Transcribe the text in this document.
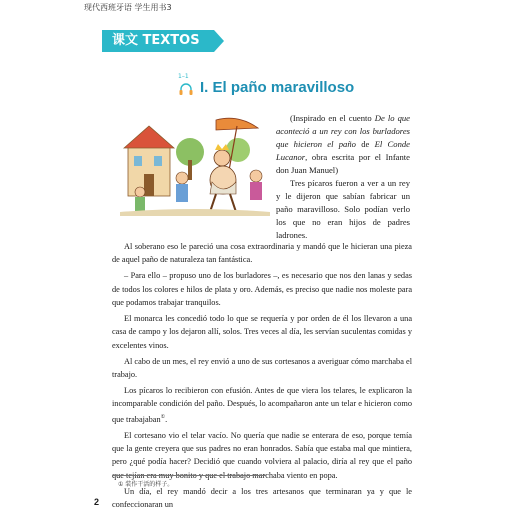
现代西班牙语 学生用书3
课文 TEXTOS
1–1
I. El paño maravilloso

(Inspirado en el cuento De lo que aconteció a un rey con los burladores que hicieron el paño de El Conde Lucanor, obra escrita por el Infante don Juan Manuel)

Tres pícaros fueron a ver a un rey y le dijeron que sabían fabricar un paño maravilloso. Solo podían verlo los que no eran hijos de padres ladrones.

Al soberano eso le pareció una cosa extraordinaria y mandó que le hicieran una pieza de aquel paño de naturaleza tan fantástica.

– Para ello – propuso uno de los burladores –, es necesario que nos den lanas y sedas de todos los colores e hilos de plata y oro. Además, es preciso que nadie nos moleste para que podamos trabajar tranquilos.

El monarca les concedió todo lo que se requería y por orden de él los llevaron a una casa de campo y los dejaron allí, solos. Tres veces al día, les servían suculentas comidas y excelentes vinos.

Al cabo de un mes, el rey envió a uno de sus cortesanos a averiguar cómo marchaba el trabajo.

Los pícaros lo recibieron con efusión. Antes de que viera los telares, le explicaron la incomparable condición del paño. Después, lo acompañaron ante un telar e hicieron como que trabajaban①.

El cortesano vio el telar vacío. No quería que nadie se enterara de eso, porque temía que la gente creyera que sus padres no eran honrados. Sabía que estaba mal que mintiera, pero ¿qué podía hacer? Decidió que cuando volviera al palacio, diría al rey que el paño que tejían era muy bonito y que el trabajo marchaba viento en popa.

Un día, el rey mandó decir a los tres artesanos que terminaran ya y que le confeccionaran un

① 装作干活的样子。
2
